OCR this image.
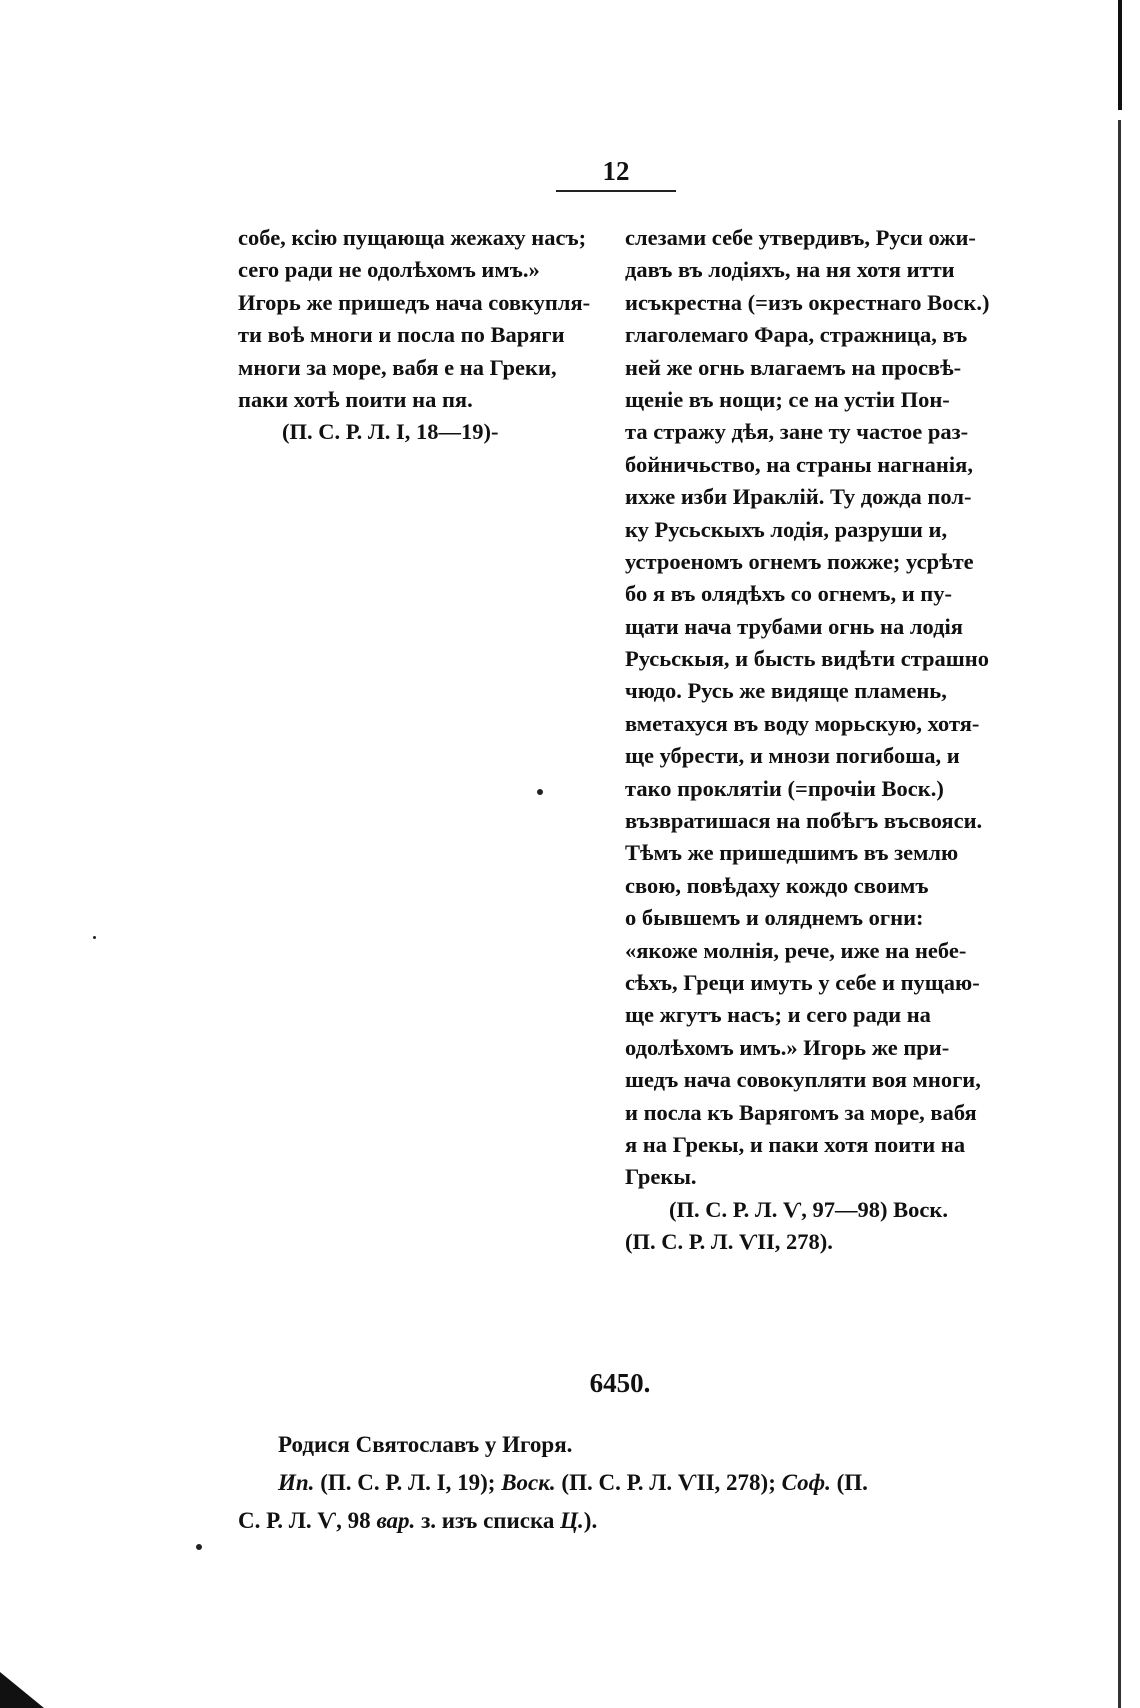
12
собе, ксію пущающа жежаху насъ;
сего ради не одолѣхомъ имъ.»
Игорь же пришедъ нача совкупля-
ти воѣ многи и посла по Варяги
многи за море, вабя е на Греки,
паки хотѣ поити на пя.
(П. С. Р. Л. I, 18—19)-
слезами себе утвердивъ, Руси ожи-
давъ въ лодіяхъ, на ня хотя итти
исъкрестна (=изъ окрестнаго Воск.)
глаголемаго Фара, стражница, въ
ней же огнь влагаемъ на просвѣ-
щеніе въ нощи; се на устіи Пон-
та стражу дѣя, зане ту частое раз-
бойничьство, на страны нагнанія,
ихже изби Ираклій. Ту дожда пол-
ку Русьскыхъ лодія, разруши и,
устроеномъ огнемъ пожже; усрѣте
бо я въ олядѣхъ со огнемъ, и пу-
щати нача трубами огнь на лодія
Русьскыя, и бысть видѣти страшно
чюдо. Русь же видяще пламень,
вметахуся въ воду морьскую, хотя-
ще убрести, и мнози погибоша, и
тако проклятіи (=прочіи Воск.)
възвратишася на побѣгъ въсвояси.
Тѣмъ же пришедшимъ въ землю
свою, повѣдаху кождо своимъ
о бывшемъ и оляднемъ огни:
«якоже молнія, рече, иже на небе-
сѣхъ, Греци имуть у себе и пущаю-
ще жгутъ насъ; и сего ради на
одолѣхомъ имъ.» Игорь же при-
шедъ нача совокупляти воя многи,
и посла къ Варягомъ за море, вабя
я на Грекы, и паки хотя поити на
Грекы.
(П. С. Р. Л. Ѵ, 97—98) Воск.
(П. С. Р. Л. ѴII, 278).
6450.
Родися Святославъ у Игоря.
Ип. (П. С. Р. Л. I, 19); Воск. (П. С. Р. Л. ѴII, 278); Соф. (П.
С. Р. Л. Ѵ, 98 вар. з. изъ списка Ц.).
